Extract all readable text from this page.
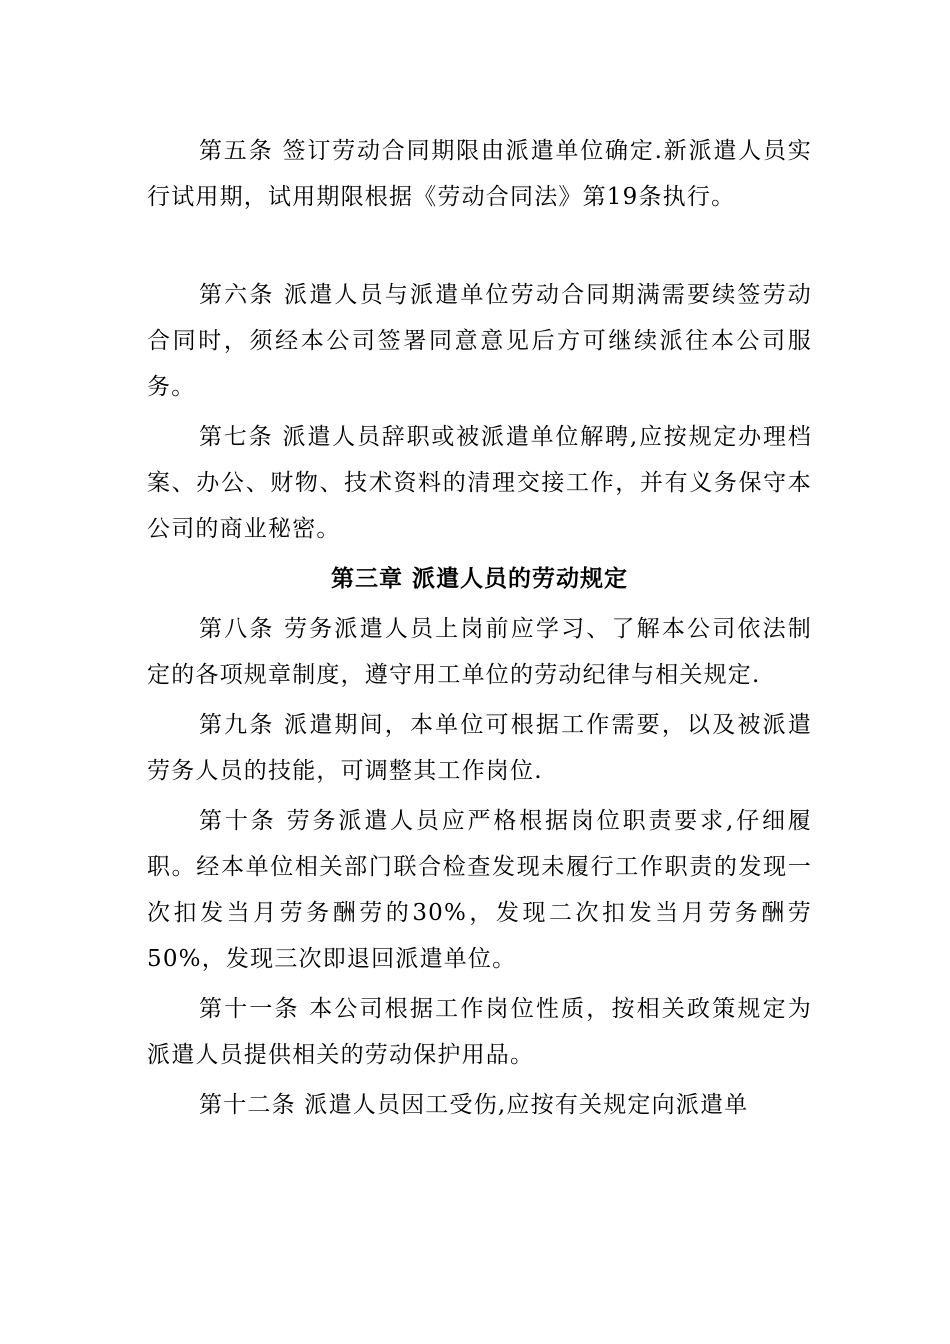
第五条 签订劳动合同期限由派遣单位确定.新派遣人员实行试用期，试用期限根据《劳动合同法》第19条执行。

第六条 派遣人员与派遣单位劳动合同期满需要续签劳动合同时，须经本公司签署同意意见后方可继续派往本公司服务。

第七条 派遣人员辞职或被派遣单位解聘,应按规定办理档案、办公、财物、技术资料的清理交接工作，并有义务保守本公司的商业秘密。

第三章 派遣人员的劳动规定

第八条 劳务派遣人员上岗前应学习、了解本公司依法制定的各项规章制度，遵守用工单位的劳动纪律与相关规定.

第九条 派遣期间，本单位可根据工作需要，以及被派遣劳务人员的技能，可调整其工作岗位.

第十条 劳务派遣人员应严格根据岗位职责要求,仔细履职。经本单位相关部门联合检查发现未履行工作职责的发现一次扣发当月劳务酬劳的30%，发现二次扣发当月劳务酬劳50%，发现三次即退回派遣单位。

第十一条 本公司根据工作岗位性质，按相关政策规定为派遣人员提供相关的劳动保护用品。

第十二条 派遣人员因工受伤,应按有关规定向派遣单
